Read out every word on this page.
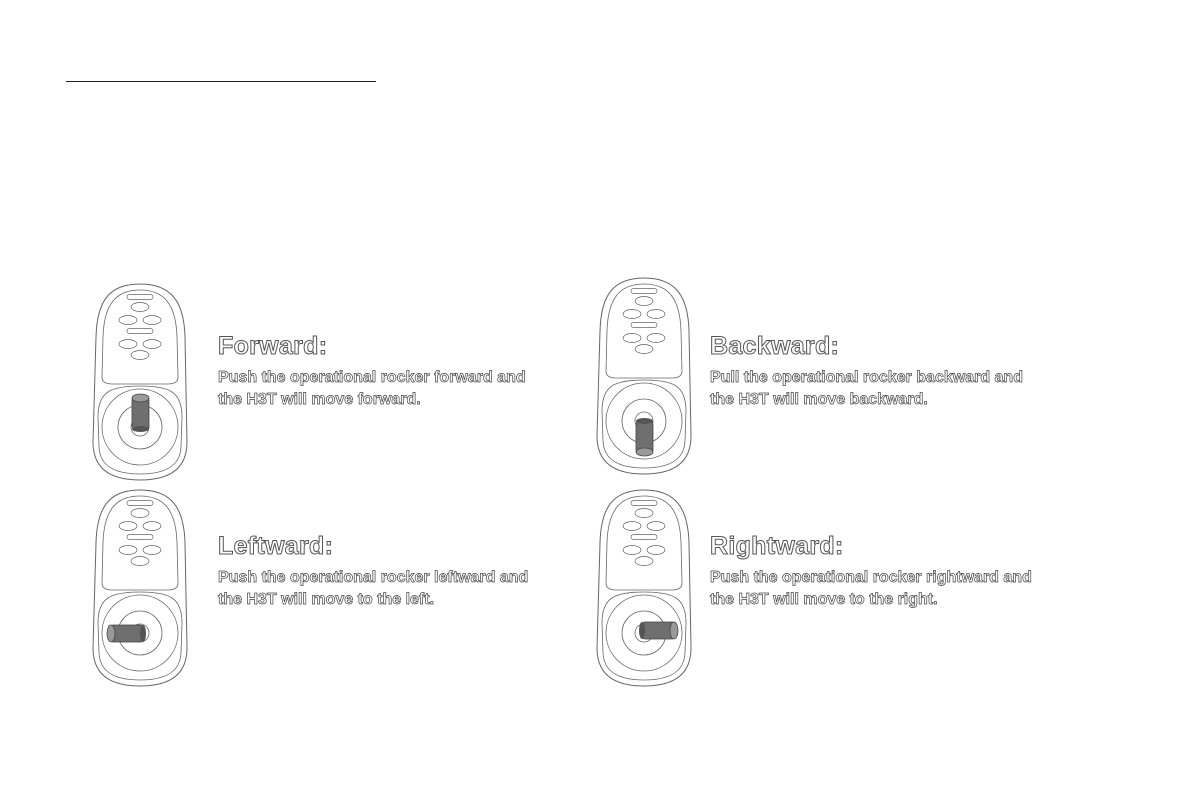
Forward:
Push the operational rocker forward and
the H3T will move forward.
Backward:
Pull the operational rocker backward and
the H3T will move backward.
Leftward:
Push the operational rocker leftward and
the H3T will move to the left.
Rightward:
Push the operational rocker rightward and
the H3T will move to the right.
